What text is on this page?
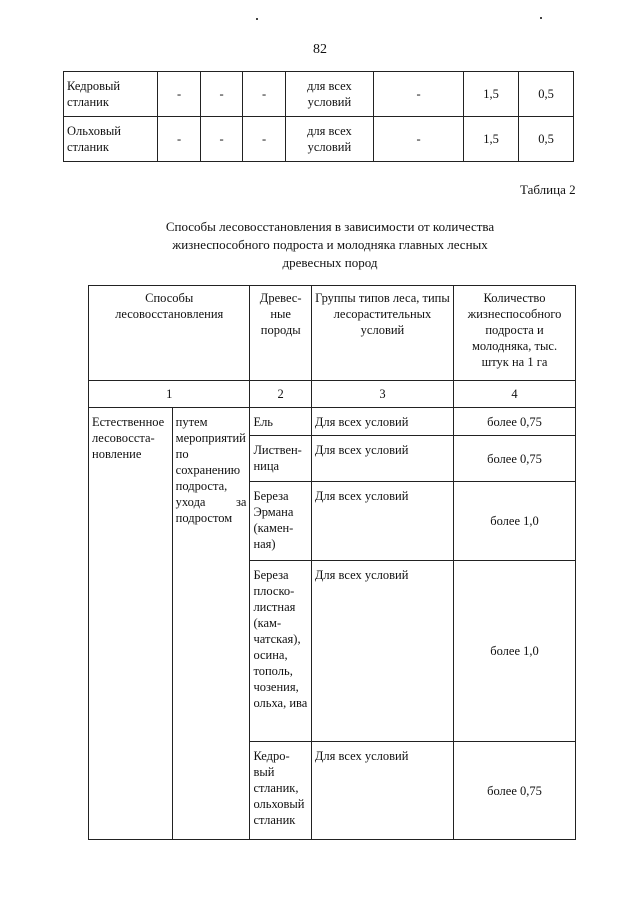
82
Кедровый стланик	-	-	-	для всех условий	-	1,5	0,5
Ольховый стланик	-	-	-	для всех условий	-	1,5	0,5
Таблица 2
Способы лесовосстановления в зависимости от количества жизнеспособного подроста и молодняка главных лесных древесных пород
Способы лесовосстановления		Древес- ные породы	Группы типов леса, типы лесорастительных условий	Количество жизнеспособного подроста и молодняка, тыс. штук на 1 га
1		2	3	4
Естественное лесовосста- новление	путем мероприятий по сохранению подроста, ухода за подростом	Ель	Для всех условий	более 0,75
		Листвен- ница	Для всех условий	более 0,75
		Береза Эрмана (камен- ная)	Для всех условий	более 1,0
		Береза плоско- листная (кам- чатская), осина, тополь, чозения, ольха, ива	Для всех условий	более 1,0
		Кедро- вый стланик, ольховый стланик	Для всех условий	более 0,75
